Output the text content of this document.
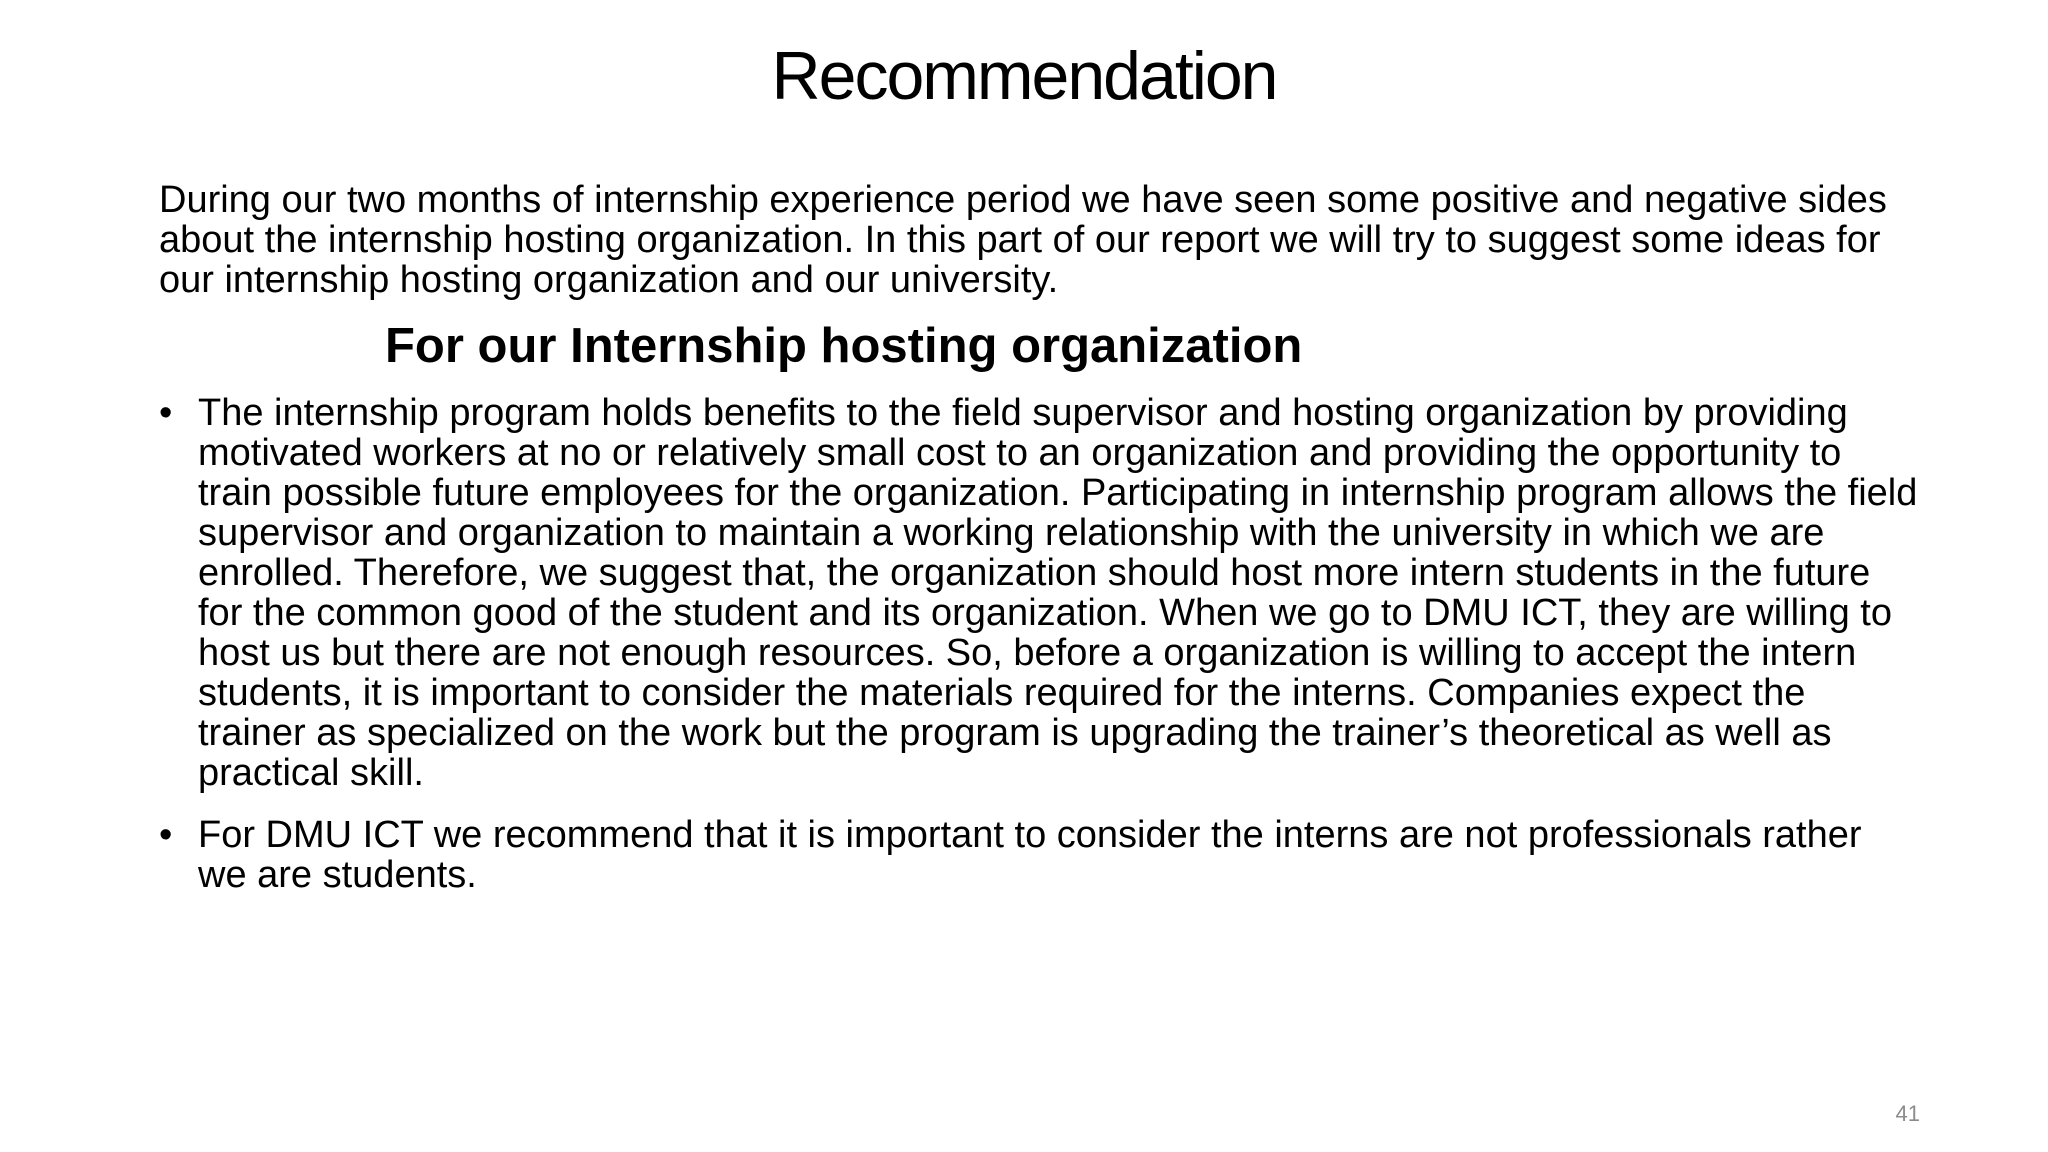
Recommendation

During our two months of internship experience period we have seen some positive and negative sides about the internship hosting organization. In this part of our report we will try to suggest some ideas for our internship hosting organization and our university.

For our Internship hosting organization
• The internship program holds benefits to the field supervisor and hosting organization by providing motivated workers at no or relatively small cost to an organization and providing the opportunity to train possible future employees for the organization. Participating in internship program allows the field supervisor and organization to maintain a working relationship with the university in which we are enrolled. Therefore, we suggest that, the organization should host more intern students in the future for the common good of the student and its organization. When we go to DMU ICT, they are willing to host us but there are not enough resources. So, before a organization is willing to accept the intern students, it is important to consider the materials required for the interns. Companies expect the trainer as specialized on the work but the program is upgrading the trainer’s theoretical as well as practical skill.
• For DMU ICT we recommend that it is important to consider the interns are not professionals rather we are students.
41
